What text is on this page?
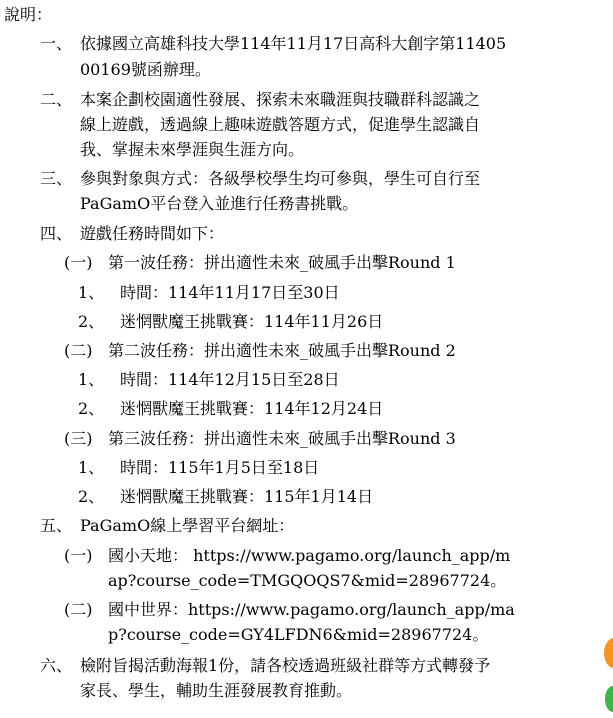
說明：
一、 依據國立高雄科技大學114年11月17日高科大創字第11405
00169號函辦理。
二、 本案企劃校園適性發展、探索未來職涯與技職群科認識之
線上遊戲，透過線上趣味遊戲答題方式，促進學生認識自
我、掌握未來學涯與生涯方向。
三、 參與對象與方式：各級學校學生均可參與，學生可自行至
PaGamO平台登入並進行任務書挑戰。
四、 遊戲任務時間如下：
(一) 第一波任務：拼出適性未來_破風手出擊Round 1
1、 時間：114年11月17日至30日
2、 迷惘獸魔王挑戰賽：114年11月26日
(二) 第二波任務：拼出適性未來_破風手出擊Round 2
1、 時間：114年12月15日至28日
2、 迷惘獸魔王挑戰賽：114年12月24日
(三) 第三波任務：拼出適性未來_破風手出擊Round 3
1、 時間：115年1月5日至18日
2、 迷惘獸魔王挑戰賽：115年1月14日
五、 PaGamO線上學習平台網址：
(一) 國小天地： https://www.pagamo.org/launch_app/m
ap?course_code=TMGQOQS7&mid=28967724。
(二) 國中世界：https://www.pagamo.org/launch_app/ma
p?course_code=GY4LFDN6&mid=28967724。
六、 檢附旨揭活動海報1份，請各校透過班級社群等方式轉發予
家長、學生，輔助生涯發展教育推動。
